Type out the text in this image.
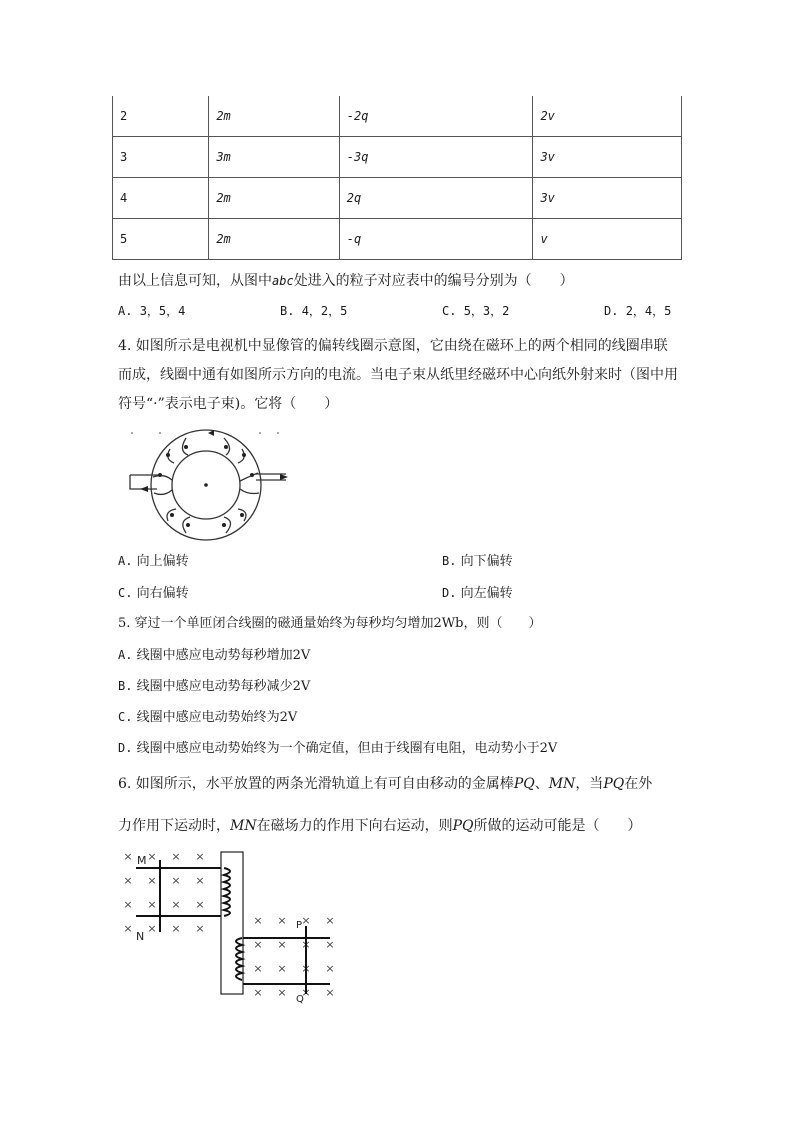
2	2m	-2q	2v
3	3m	-3q	3v
4	2m	2q	3v
5	2m	-q	v
由以上信息可知，从图中abc处进入的粒子对应表中的编号分别为（　　）
A. 3，5，4	B. 4，2，5	C. 5，3，2	D. 2，4，5
4. 如图所示是电视机中显像管的偏转线圈示意图，它由绕在磁环上的两个相同的线圈串联
而成，线圈中通有如图所示方向的电流。当电子束从纸里经磁环中心向纸外射来时（图中用
符号“·”表示电子束)。它将（　　）
A. 向上偏转	B. 向下偏转
C. 向右偏转	D. 向左偏转
5. 穿过一个单匝闭合线圈的磁通量始终为每秒均匀增加2Wb，则（　　）
A. 线圈中感应电动势每秒增加2V
B. 线圈中感应电动势每秒减少2V
C. 线圈中感应电动势始终为2V
D. 线圈中感应电动势始终为一个确定值，但由于线圈有电阻，电动势小于2V
6. 如图所示，水平放置的两条光滑轨道上有可自由移动的金属棒PQ、MN，当PQ在外
力作用下运动时，MN在磁场力的作用下向右运动，则PQ所做的运动可能是（　　）
× × × ×
× × × ×
× × × ×
× × × ×
× × × ×
× × × ×
× × × ×
× × × ×
M
N
P
Q
